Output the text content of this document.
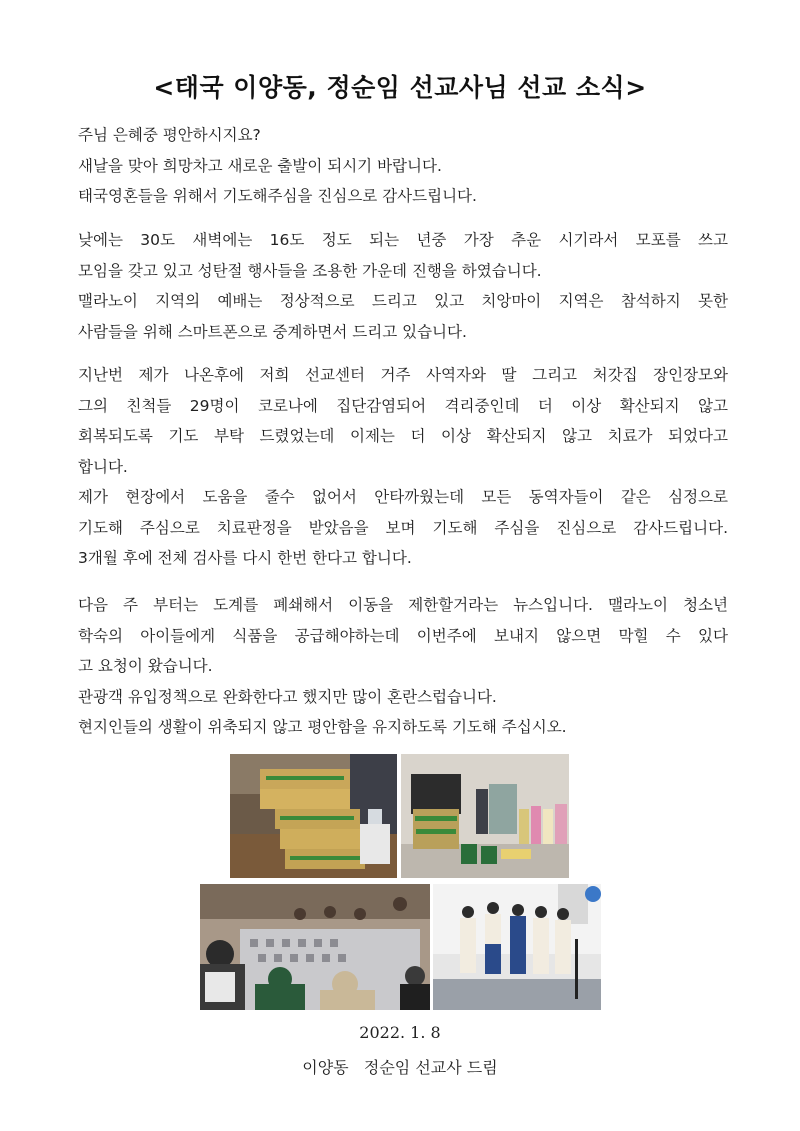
<태국 이양동, 정순임 선교사님 선교 소식>
주님 은혜중 평안하시지요?
새날을 맞아 희망차고 새로운 출발이 되시기 바랍니다.
태국영혼들을 위해서 기도해주심을 진심으로 감사드립니다.
낮에는 30도 새벽에는 16도 정도 되는 년중 가장 추운 시기라서 모포를 쓰고
모임을 갖고 있고 성탄절 행사들을 조용한 가운데 진행을 하였습니다.
맬라노이 지역의 예배는 정상적으로 드리고 있고 치앙마이 지역은 참석하지 못한
사람들을 위해 스마트폰으로 중계하면서 드리고 있습니다.
지난번 제가 나온후에 저희 선교센터 거주 사역자와 딸 그리고 처갓집 장인장모와
그의 친척들 29명이 코로나에 집단감염되어 격리중인데 더 이상 확산되지 않고
회복되도록 기도 부탁 드렸었는데 이제는 더 이상 확산되지 않고 치료가 되었다고
합니다.
제가 현장에서 도움을 줄수 없어서 안타까웠는데 모든 동역자들이 같은 심정으로
기도해 주심으로 치료판정을 받았음을 보며 기도해 주심을 진심으로 감사드립니다.
3개월 후에 전체 검사를 다시 한번 한다고 합니다.
다음 주 부터는 도계를 폐쇄해서 이동을 제한할거라는 뉴스입니다. 맬라노이 청소년
학숙의 아이들에게 식품을 공급해야하는데 이번주에 보내지 않으면 막힐 수 있다
고 요청이 왔습니다.
관광객 유입정책으로 완화한다고 했지만 많이 혼란스럽습니다.
현지인들의 생활이 위축되지 않고 평안함을 유지하도록 기도해 주십시오.
2022. 1. 8
이양동   정순임 선교사 드림
